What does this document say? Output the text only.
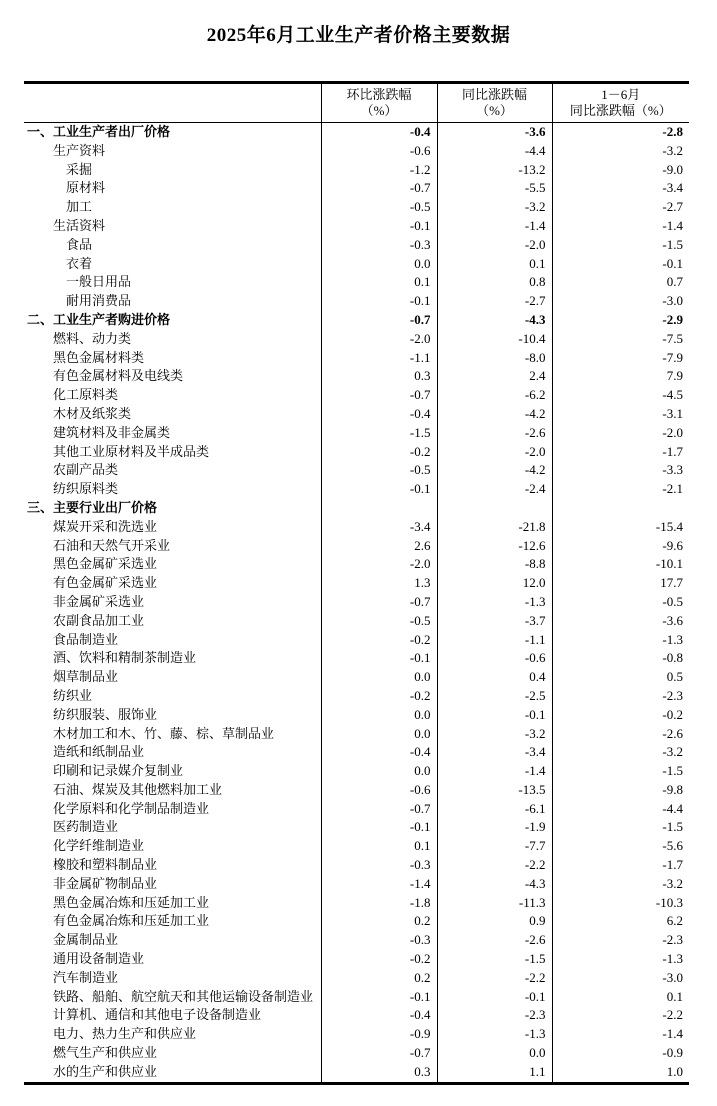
2025年6月工业生产者价格主要数据

环比涨跌幅
（%）

同比涨跌幅
（%）

1－6月
同比涨跌幅（%）

一、工业生产者出厂价格	-0.4	-3.6	-2.8
生产资料	-0.6	-4.4	-3.2
采掘	-1.2	-13.2	-9.0
原材料	-0.7	-5.5	-3.4
加工	-0.5	-3.2	-2.7
生活资料	-0.1	-1.4	-1.4
食品	-0.3	-2.0	-1.5
衣着	0.0	0.1	-0.1
一般日用品	0.1	0.8	0.7
耐用消费品	-0.1	-2.7	-3.0
二、工业生产者购进价格	-0.7	-4.3	-2.9
燃料、动力类	-2.0	-10.4	-7.5
黑色金属材料类	-1.1	-8.0	-7.9
有色金属材料及电线类	0.3	2.4	7.9
化工原料类	-0.7	-6.2	-4.5
木材及纸浆类	-0.4	-4.2	-3.1
建筑材料及非金属类	-1.5	-2.6	-2.0
其他工业原材料及半成品类	-0.2	-2.0	-1.7
农副产品类	-0.5	-4.2	-3.3
纺织原料类	-0.1	-2.4	-2.1
三、主要行业出厂价格			
煤炭开采和洗选业	-3.4	-21.8	-15.4
石油和天然气开采业	2.6	-12.6	-9.6
黑色金属矿采选业	-2.0	-8.8	-10.1
有色金属矿采选业	1.3	12.0	17.7
非金属矿采选业	-0.7	-1.3	-0.5
农副食品加工业	-0.5	-3.7	-3.6
食品制造业	-0.2	-1.1	-1.3
酒、饮料和精制茶制造业	-0.1	-0.6	-0.8
烟草制品业	0.0	0.4	0.5
纺织业	-0.2	-2.5	-2.3
纺织服装、服饰业	0.0	-0.1	-0.2
木材加工和木、竹、藤、棕、草制品业	0.0	-3.2	-2.6
造纸和纸制品业	-0.4	-3.4	-3.2
印刷和记录媒介复制业	0.0	-1.4	-1.5
石油、煤炭及其他燃料加工业	-0.6	-13.5	-9.8
化学原料和化学制品制造业	-0.7	-6.1	-4.4
医药制造业	-0.1	-1.9	-1.5
化学纤维制造业	0.1	-7.7	-5.6
橡胶和塑料制品业	-0.3	-2.2	-1.7
非金属矿物制品业	-1.4	-4.3	-3.2
黑色金属冶炼和压延加工业	-1.8	-11.3	-10.3
有色金属冶炼和压延加工业	0.2	0.9	6.2
金属制品业	-0.3	-2.6	-2.3
通用设备制造业	-0.2	-1.5	-1.3
汽车制造业	0.2	-2.2	-3.0
铁路、船舶、航空航天和其他运输设备制造业	-0.1	-0.1	0.1
计算机、通信和其他电子设备制造业	-0.4	-2.3	-2.2
电力、热力生产和供应业	-0.9	-1.3	-1.4
燃气生产和供应业	-0.7	0.0	-0.9
水的生产和供应业	0.3	1.1	1.0
